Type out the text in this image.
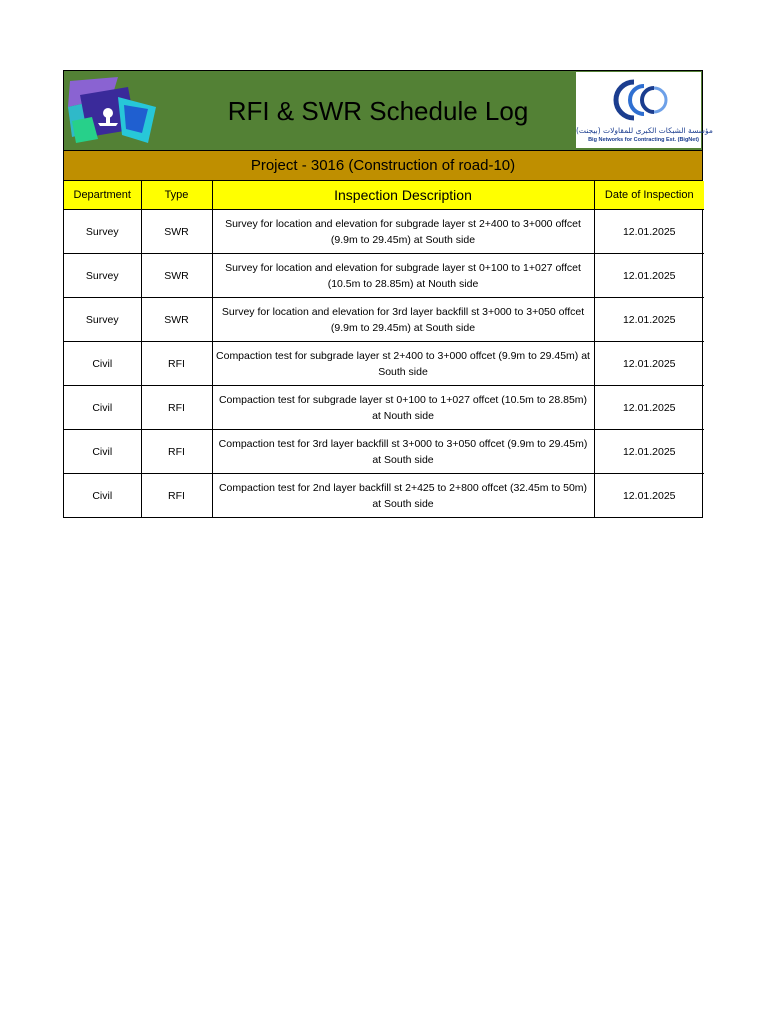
RFI & SWR Schedule Log
مؤسسة الشبكات الكبرى للمقاولات (بيجنت)
Big Networks for Contracting Est. (BigNet)
Project - 3016 (Construction of road-10)
Department	Type	Inspection Description	Date of Inspection
Survey	SWR	Survey for location and elevation for subgrade layer st 2+400 to 3+000 offcet (9.9m to 29.45m) at South side	12.01.2025
Survey	SWR	Survey for location and elevation for subgrade layer st 0+100 to 1+027 offcet (10.5m to 28.85m) at Nouth side	12.01.2025
Survey	SWR	Survey for location and elevation for 3rd layer backfill st 3+000 to 3+050 offcet (9.9m to 29.45m) at South side	12.01.2025
Civil	RFI	Compaction test for subgrade layer st 2+400 to 3+000 offcet (9.9m to 29.45m) at South side	12.01.2025
Civil	RFI	Compaction test for subgrade layer st 0+100 to 1+027 offcet (10.5m to 28.85m) at Nouth side	12.01.2025
Civil	RFI	Compaction test for 3rd layer backfill st 3+000 to 3+050 offcet (9.9m to 29.45m) at South side	12.01.2025
Civil	RFI	Compaction test for 2nd layer backfill st 2+425 to 2+800 offcet (32.45m to 50m) at South side	12.01.2025
